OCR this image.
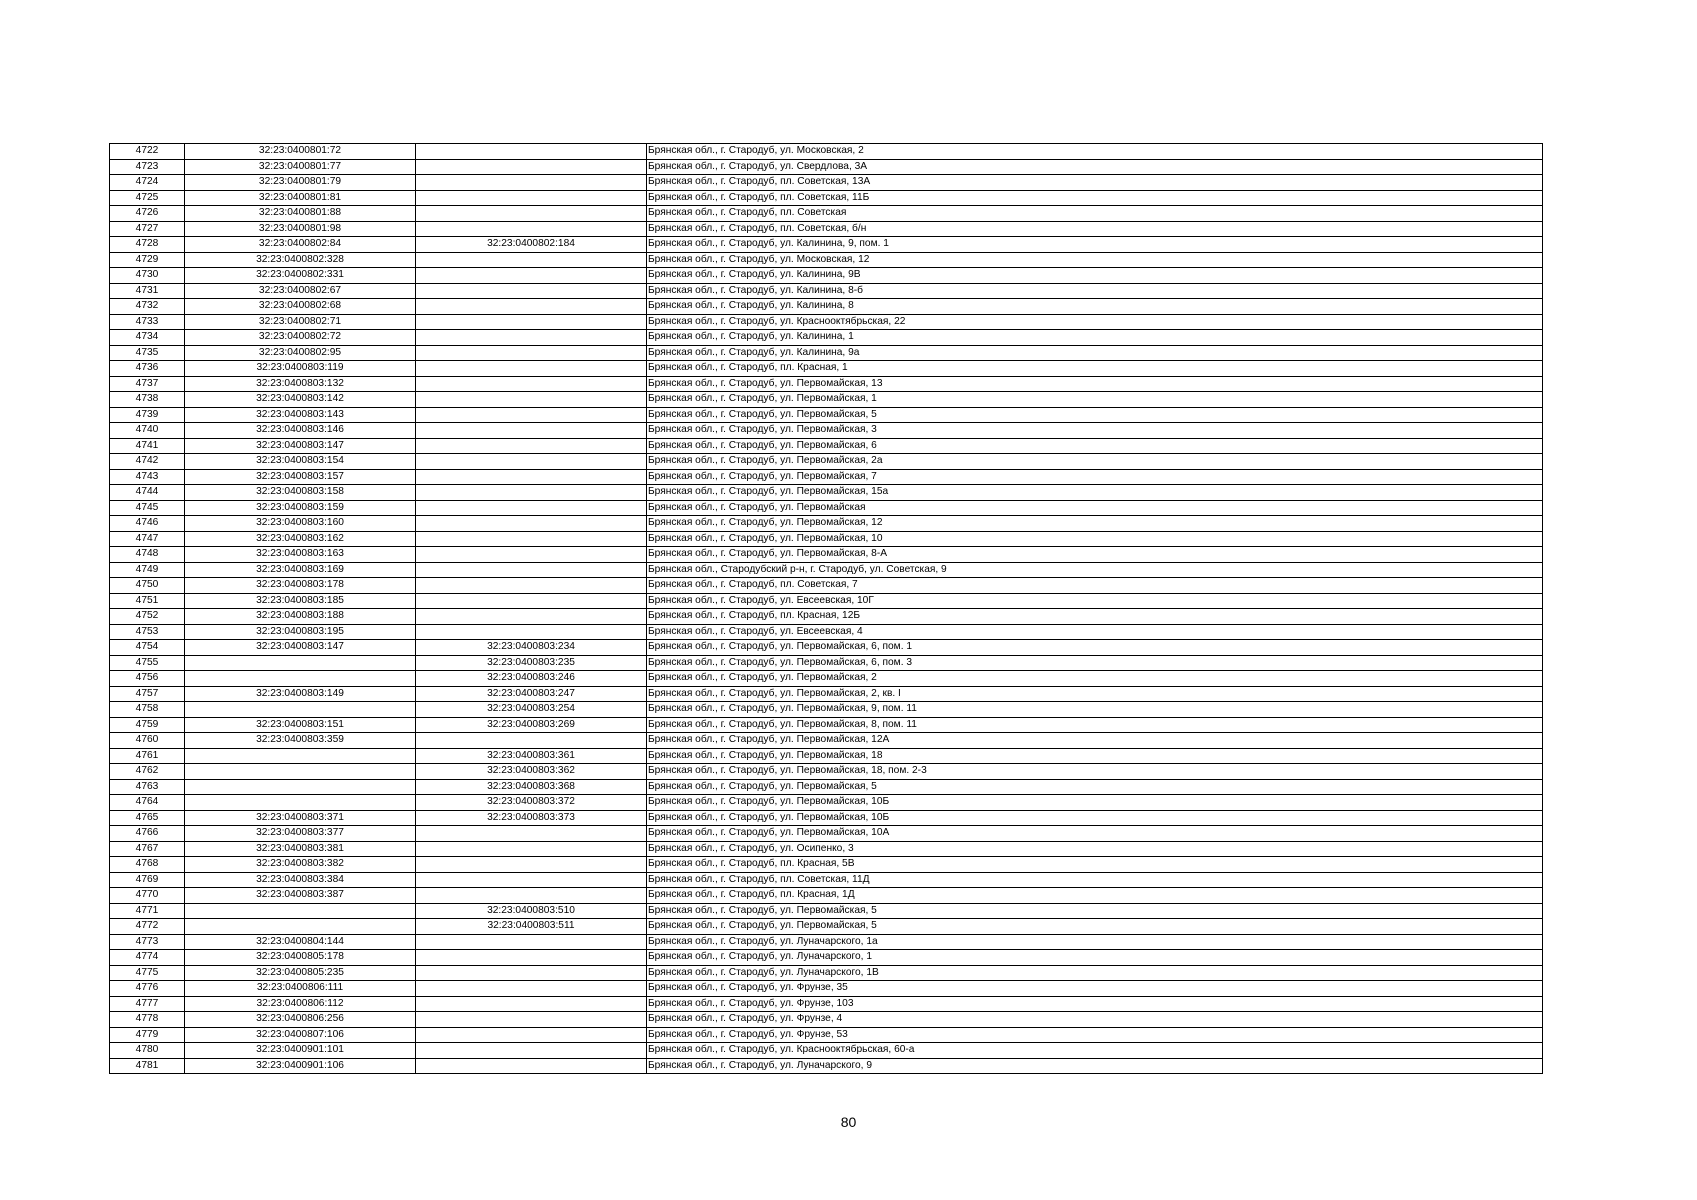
4722	32:23:0400801:72		Брянская обл., г. Стародуб, ул. Московская, 2
4723	32:23:0400801:77		Брянская обл., г. Стародуб, ул. Свердлова, 3А
4724	32:23:0400801:79		Брянская обл., г. Стародуб, пл. Советская, 13А
4725	32:23:0400801:81		Брянская обл., г. Стародуб, пл. Советская, 11Б
4726	32:23:0400801:88		Брянская обл., г. Стародуб, пл. Советская
4727	32:23:0400801:98		Брянская обл., г. Стародуб, пл. Советская, б/н
4728	32:23:0400802:84	32:23:0400802:184	Брянская обл., г. Стародуб, ул. Калинина, 9, пом. 1
4729	32:23:0400802:328		Брянская обл., г. Стародуб, ул. Московская, 12
4730	32:23:0400802:331		Брянская обл., г. Стародуб, ул. Калинина, 9В
4731	32:23:0400802:67		Брянская обл., г. Стародуб, ул. Калинина, 8-б
4732	32:23:0400802:68		Брянская обл., г. Стародуб, ул. Калинина, 8
4733	32:23:0400802:71		Брянская обл., г. Стародуб, ул. Краснооктябрьская, 22
4734	32:23:0400802:72		Брянская обл., г. Стародуб, ул. Калинина, 1
4735	32:23:0400802:95		Брянская обл., г. Стародуб, ул. Калинина, 9а
4736	32:23:0400803:119		Брянская обл., г. Стародуб, пл. Красная, 1
4737	32:23:0400803:132		Брянская обл., г. Стародуб, ул. Первомайская, 13
4738	32:23:0400803:142		Брянская обл., г. Стародуб, ул. Первомайская, 1
4739	32:23:0400803:143		Брянская обл., г. Стародуб, ул. Первомайская, 5
4740	32:23:0400803:146		Брянская обл., г. Стародуб, ул. Первомайская, 3
4741	32:23:0400803:147		Брянская обл., г. Стародуб, ул. Первомайская, 6
4742	32:23:0400803:154		Брянская обл., г. Стародуб, ул. Первомайская, 2а
4743	32:23:0400803:157		Брянская обл., г. Стародуб, ул. Первомайская, 7
4744	32:23:0400803:158		Брянская обл., г. Стародуб, ул. Первомайская, 15а
4745	32:23:0400803:159		Брянская обл., г. Стародуб, ул. Первомайская
4746	32:23:0400803:160		Брянская обл., г. Стародуб, ул. Первомайская, 12
4747	32:23:0400803:162		Брянская обл., г. Стародуб, ул. Первомайская, 10
4748	32:23:0400803:163		Брянская обл., г. Стародуб, ул. Первомайская, 8-А
4749	32:23:0400803:169		Брянская обл., Стародубский р-н, г. Стародуб, ул. Советская, 9
4750	32:23:0400803:178		Брянская обл., г. Стародуб, пл. Советская, 7
4751	32:23:0400803:185		Брянская обл., г. Стародуб, ул. Евсеевская, 10Г
4752	32:23:0400803:188		Брянская обл., г. Стародуб, пл. Красная, 12Б
4753	32:23:0400803:195		Брянская обл., г. Стародуб, ул. Евсеевская, 4
4754	32:23:0400803:147	32:23:0400803:234	Брянская обл., г. Стародуб, ул. Первомайская, 6, пом. 1
4755		32:23:0400803:235	Брянская обл., г. Стародуб, ул. Первомайская, 6, пом. 3
4756		32:23:0400803:246	Брянская обл., г. Стародуб, ул. Первомайская, 2
4757	32:23:0400803:149	32:23:0400803:247	Брянская обл., г. Стародуб, ул. Первомайская, 2, кв. I
4758		32:23:0400803:254	Брянская обл., г. Стародуб, ул. Первомайская, 9, пом. 11
4759	32:23:0400803:151	32:23:0400803:269	Брянская обл., г. Стародуб, ул. Первомайская, 8, пом. 11
4760	32:23:0400803:359		Брянская обл., г. Стародуб, ул. Первомайская, 12А
4761		32:23:0400803:361	Брянская обл., г. Стародуб, ул. Первомайская, 18
4762		32:23:0400803:362	Брянская обл., г. Стародуб, ул. Первомайская, 18, пом. 2-3
4763		32:23:0400803:368	Брянская обл., г. Стародуб, ул. Первомайская, 5
4764		32:23:0400803:372	Брянская обл., г. Стародуб, ул. Первомайская, 10Б
4765	32:23:0400803:371	32:23:0400803:373	Брянская обл., г. Стародуб, ул. Первомайская, 10Б
4766	32:23:0400803:377		Брянская обл., г. Стародуб, ул. Первомайская, 10А
4767	32:23:0400803:381		Брянская обл., г. Стародуб, ул. Осипенко, 3
4768	32:23:0400803:382		Брянская обл., г. Стародуб, пл. Красная, 5В
4769	32:23:0400803:384		Брянская обл., г. Стародуб, пл. Советская, 11Д
4770	32:23:0400803:387		Брянская обл., г. Стародуб, пл. Красная, 1Д
4771		32:23:0400803:510	Брянская обл., г. Стародуб, ул. Первомайская, 5
4772		32:23:0400803:511	Брянская обл., г. Стародуб, ул. Первомайская, 5
4773	32:23:0400804:144		Брянская обл., г. Стародуб, ул. Луначарского, 1а
4774	32:23:0400805:178		Брянская обл., г. Стародуб, ул. Луначарского, 1
4775	32:23:0400805:235		Брянская обл., г. Стародуб, ул. Луначарского, 1В
4776	32:23:0400806:111		Брянская обл., г. Стародуб, ул. Фрунзе, 35
4777	32:23:0400806:112		Брянская обл., г. Стародуб, ул. Фрунзе, 103
4778	32:23:0400806:256		Брянская обл., г. Стародуб, ул. Фрунзе, 4
4779	32:23:0400807:106		Брянская обл., г. Стародуб, ул. Фрунзе, 53
4780	32:23:0400901:101		Брянская обл., г. Стародуб, ул. Краснооктябрьская, 60-а
4781	32:23:0400901:106		Брянская обл., г. Стародуб, ул. Луначарского, 9
80
